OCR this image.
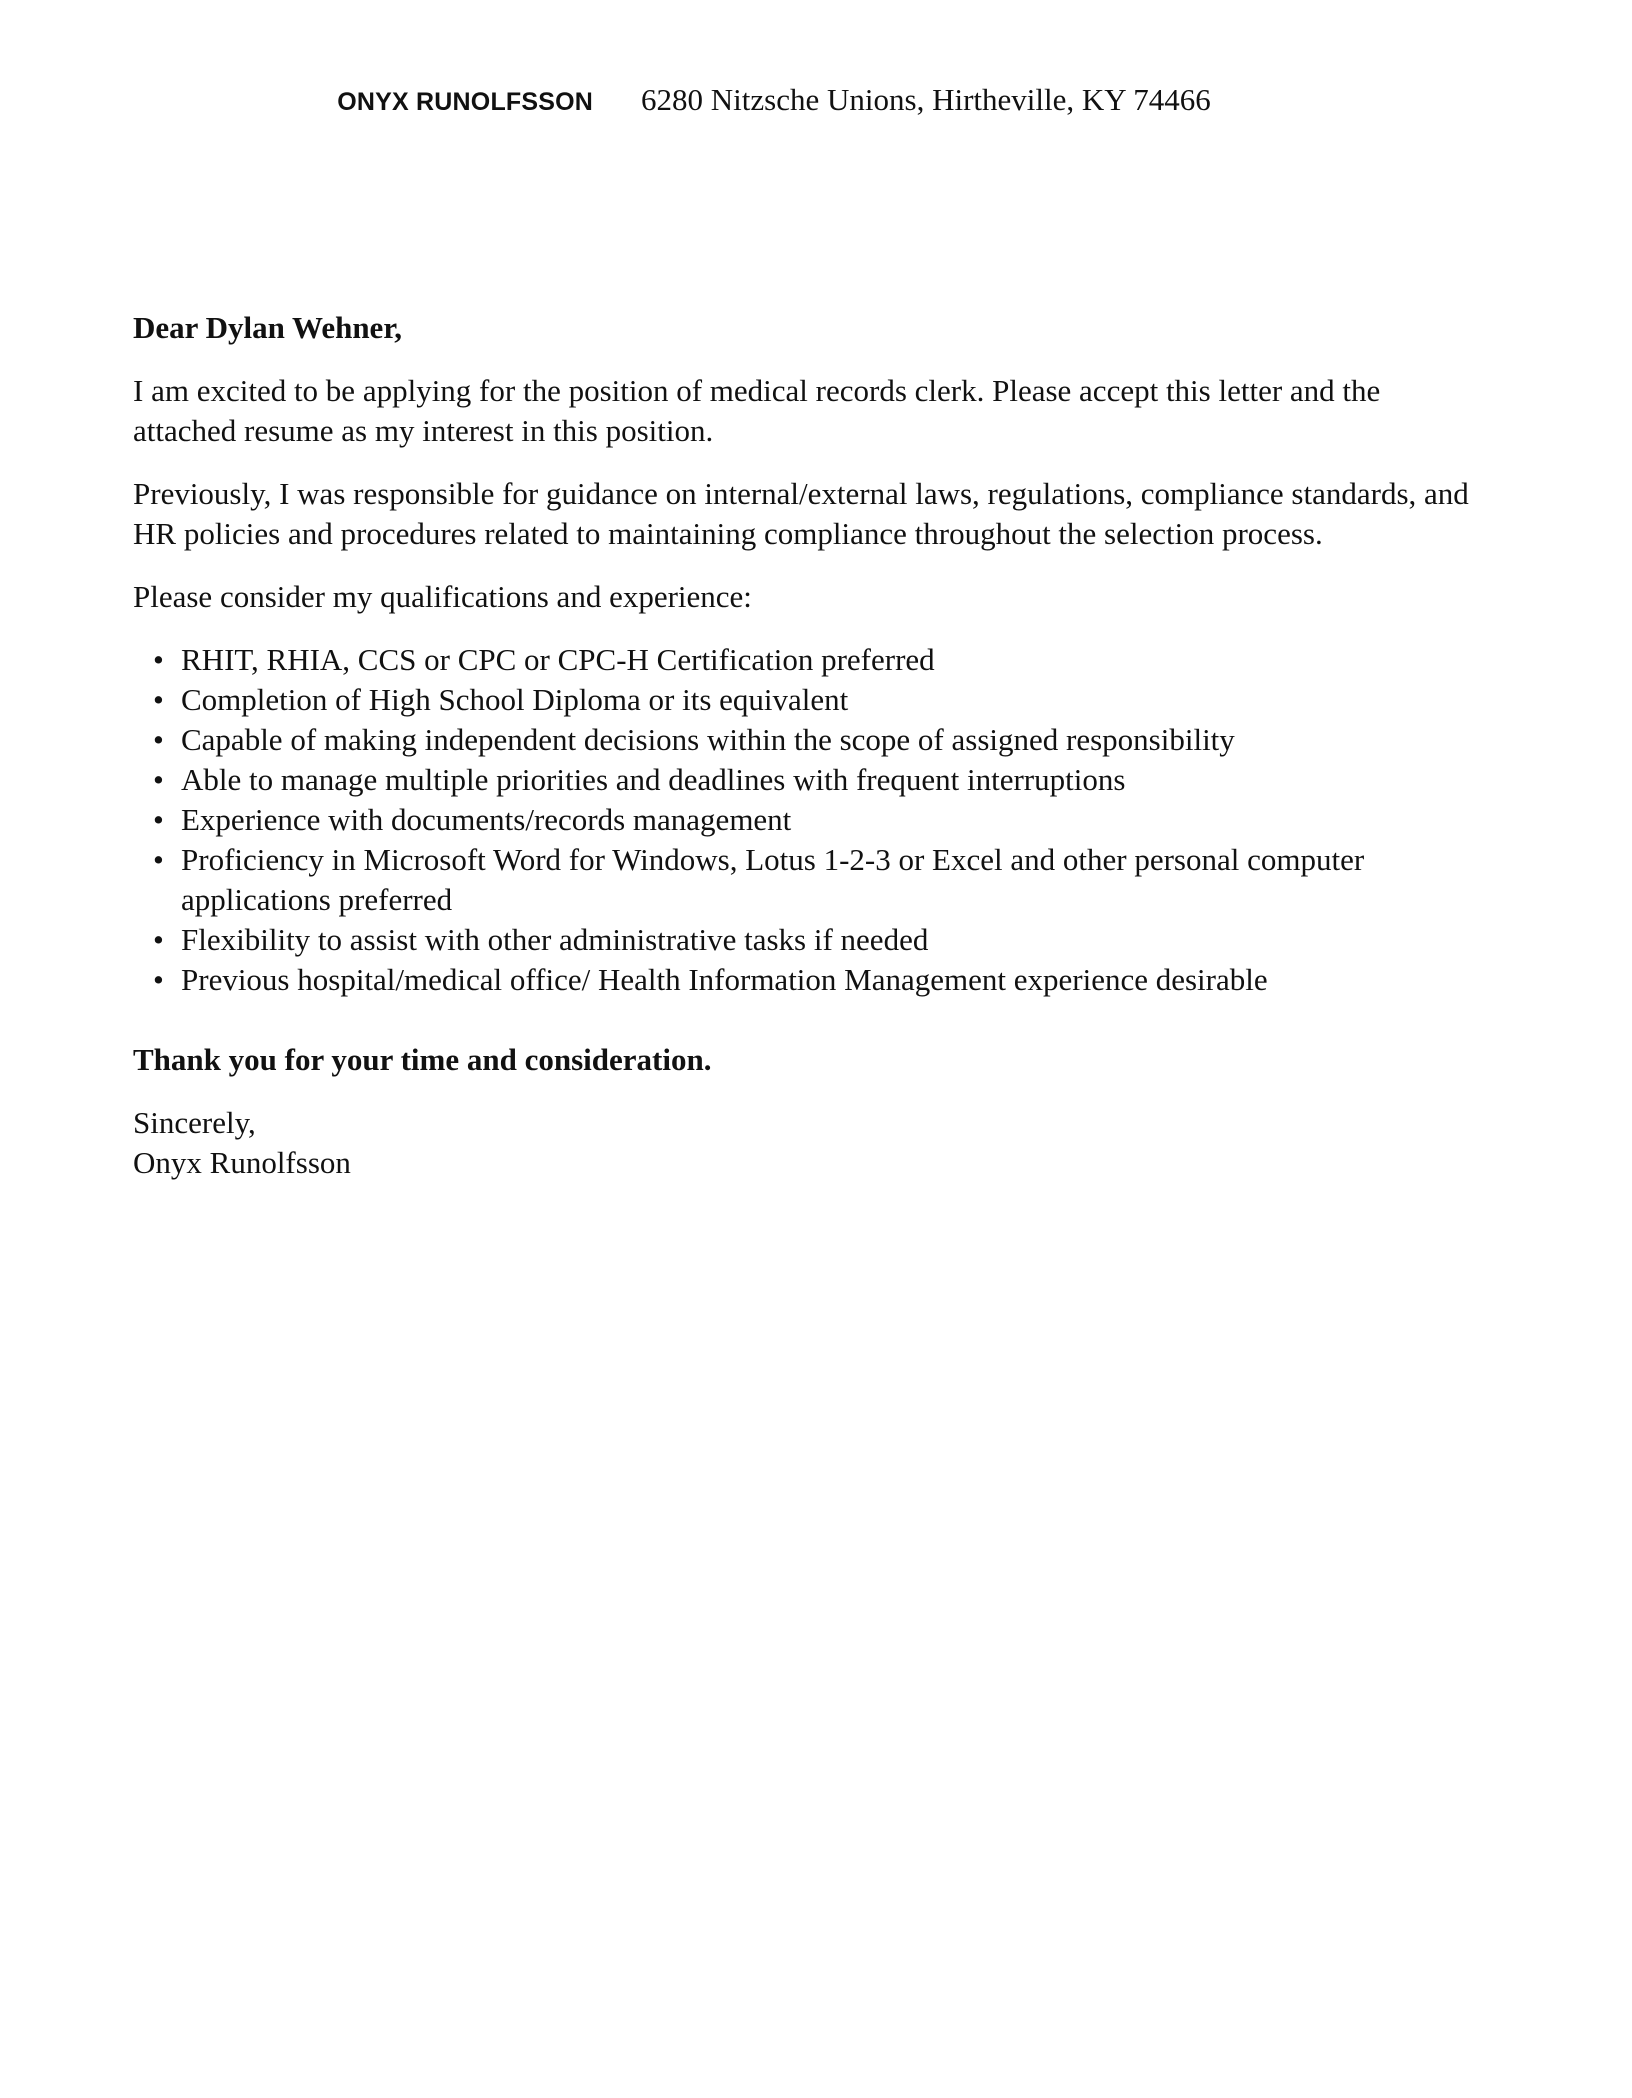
ONYX RUNOLFSSON 6280 Nitzsche Unions, Hirtheville, KY 74466

Dear Dylan Wehner,

I am excited to be applying for the position of medical records clerk. Please accept this letter and the attached resume as my interest in this position.

Previously, I was responsible for guidance on internal/external laws, regulations, compliance standards, and HR policies and procedures related to maintaining compliance throughout the selection process.

Please consider my qualifications and experience:

• RHIT, RHIA, CCS or CPC or CPC-H Certification preferred
• Completion of High School Diploma or its equivalent
• Capable of making independent decisions within the scope of assigned responsibility
• Able to manage multiple priorities and deadlines with frequent interruptions
• Experience with documents/records management
• Proficiency in Microsoft Word for Windows, Lotus 1-2-3 or Excel and other personal computer applications preferred
• Flexibility to assist with other administrative tasks if needed
• Previous hospital/medical office/ Health Information Management experience desirable

Thank you for your time and consideration.

Sincerely,
Onyx Runolfsson
